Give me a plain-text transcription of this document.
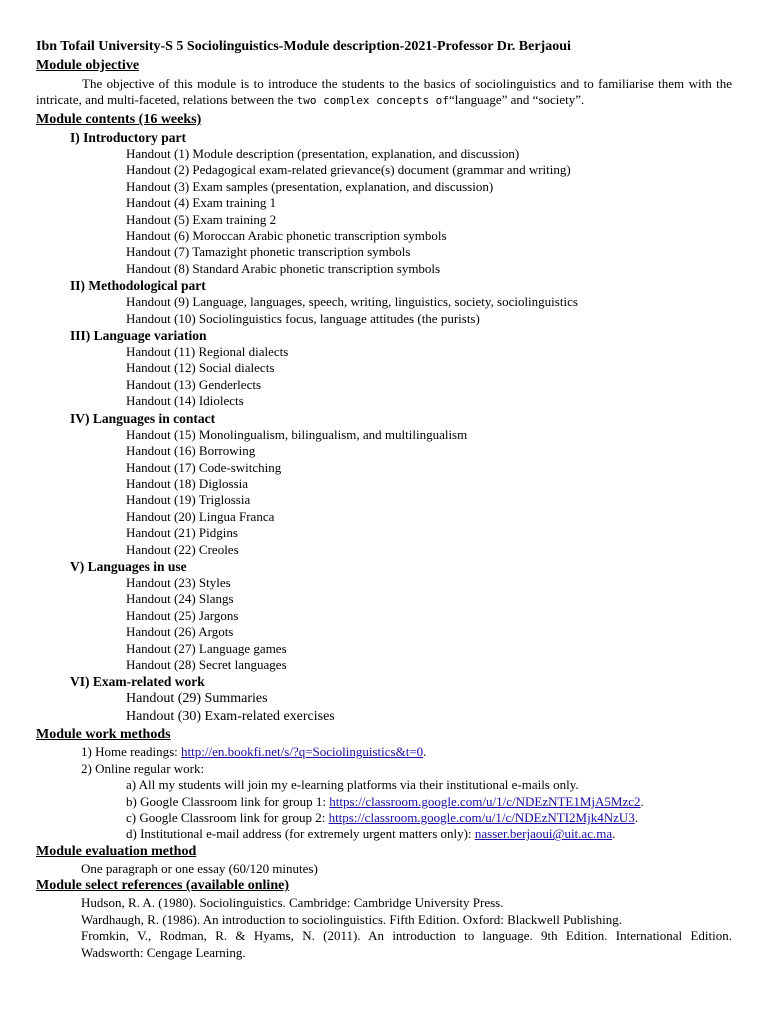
Ibn Tofail University-S 5 Sociolinguistics-Module description-2021-Professor Dr. Berjaoui
Module objective
The objective of this module is to introduce the students to the basics of sociolinguistics and to familiarise them with the intricate, and multi-faceted, relations between the two complex concepts of“language” and “society”.
Module contents (16 weeks)
I) Introductory part
Handout (1) Module description (presentation, explanation, and discussion)
Handout (2) Pedagogical exam-related grievance(s) document (grammar and writing)
Handout (3) Exam samples (presentation, explanation, and discussion)
Handout (4) Exam training 1
Handout (5) Exam training 2
Handout (6) Moroccan Arabic phonetic transcription symbols
Handout (7) Tamazight phonetic transcription symbols
Handout (8) Standard Arabic phonetic transcription symbols
II) Methodological part
Handout (9) Language, languages, speech, writing, linguistics, society, sociolinguistics
Handout (10) Sociolinguistics focus, language attitudes (the purists)
III) Language variation
Handout (11) Regional dialects
Handout (12) Social dialects
Handout (13) Genderlects
Handout (14) Idiolects
IV) Languages in contact
Handout (15) Monolingualism, bilingualism, and multilingualism
Handout (16) Borrowing
Handout (17) Code-switching
Handout (18) Diglossia
Handout (19) Triglossia
Handout (20) Lingua Franca
Handout (21) Pidgins
Handout (22) Creoles
V) Languages in use
Handout (23) Styles
Handout (24) Slangs
Handout (25) Jargons
Handout (26) Argots
Handout (27) Language games
Handout (28) Secret languages
VI) Exam-related work
Handout (29) Summaries
Handout (30) Exam-related exercises
Module work methods
1) Home readings: http://en.bookfi.net/s/?q=Sociolinguistics&t=0.
2) Online regular work:
a) All my students will join my e-learning platforms via their institutional e-mails only.
b) Google Classroom link for group 1: https://classroom.google.com/u/1/c/NDEzNTE1MjA5Mzc2.
c) Google Classroom link for group 2: https://classroom.google.com/u/1/c/NDEzNTI2Mjk4NzU3.
d) Institutional e-mail address (for extremely urgent matters only): nasser.berjaoui@uit.ac.ma.
Module evaluation method
One paragraph or one essay (60/120 minutes)
Module select references (available online)
Hudson, R. A. (1980). Sociolinguistics. Cambridge: Cambridge University Press.
Wardhaugh, R. (1986). An introduction to sociolinguistics. Fifth Edition. Oxford: Blackwell Publishing.
Fromkin, V., Rodman, R. & Hyams, N. (2011). An introduction to language. 9th Edition. International Edition.
Wadsworth: Cengage Learning.
